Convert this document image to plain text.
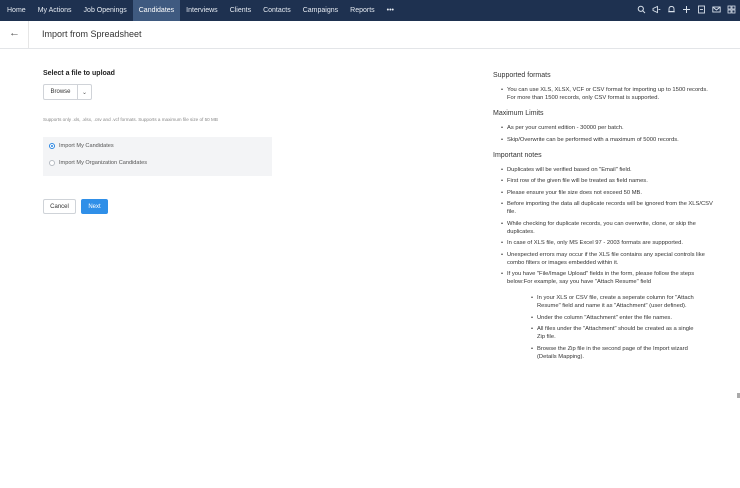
Home	My Actions	Job Openings	Candidates	Interviews	Clients	Contacts	Campaigns	Reports	•••
← Import from Spreadsheet
Select a file to upload
Browse	⌄
Supports only .xls, .xlsx, .csv and .vcf formats. Supports a maximum file size of 50 MB
Import My Candidates
Import My Organization Candidates
Cancel	Next
Supported formats
• You can use XLS, XLSX, VCF or CSV format for importing up to 1500 records. For more than 1500 records, only CSV format is supported.
Maximum Limits
• As per your current edition - 30000 per batch.
• Skip/Overwrite can be performed with a maximum of 5000 records.
Important notes
• Duplicates will be verified based on "Email" field.
• First row of the given file will be treated as field names.
• Please ensure your file size does not exceed 50 MB.
• Before importing the data all duplicate records will be ignored from the XLS/CSV file.
• While checking for duplicate records, you can overwrite, clone, or skip the duplicates.
• In case of XLS file, only MS Excel 97 - 2003 formats are suppported.
• Unexpected errors may occur if the XLS file contains any special controls like combo filters or images embedded within it.
• If you have "File/Image Upload" fields in the form, please follow the steps below:For example, say you have "Attach Resume" field
• In your XLS or CSV file, create a seperate column for "Attach Resume" field and name it as "Attachment" (user defined).
• Under the column "Attachment" enter the file names.
• All files under the "Attachment" should be created as a single Zip file.
• Browse the Zip file in the second page of the Import wizard (Details Mapping).
